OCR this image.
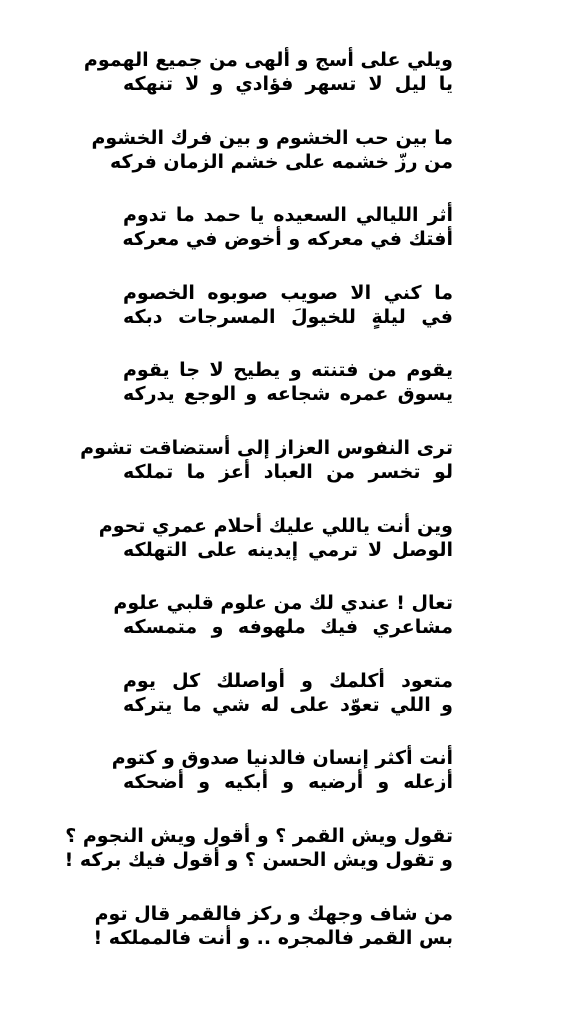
ويلي على أسج و ألهى من جميع الهموم
يا ليل لا تسهر فؤادي و لا تنهكه
ما بين حب الخشوم و بين فرك الخشوم
من رزّ خشمه على خشم الزمان فركه
أثر الليالي السعيده يا حمد ما تدوم
أفتك في معركه و أخوض في معركه
ما كني الا صويب صوبوه الخصوم
في ليلةٍ للخيولَ المسرجات دبكه
يقوم من فتنته و يطيح لا جا يقوم
يسوق عمره شجاعه و الوجع يدركه
ترى النفوس العزاز إلى أستضاقت تشوم
لو تخسر من العباد أعز ما تملكه
وين أنت ياللي عليك أحلام عمري تحوم
الوصل لا ترمي إيدينه على التهلكه
تعال ! عندي لك من علوم قلبي علوم
مشاعري فيك ملهوفه و متمسكه
متعود أكلمك و أواصلك كل يوم
و اللي تعوّد على له شي ما يتركه
أنت أكثر إنسان فالدنيا صدوق و كتوم
أزعله و أرضيه و أبكيه و أضحكه
تقول ويش القمر ؟ و أقول ويش النجوم ؟
و تقول ويش الحسن ؟ و أقول فيك بركه !
من شاف وجهك و ركز فالقمر قال توم
بس القمر فالمجره .. و أنت فالمملكه !
